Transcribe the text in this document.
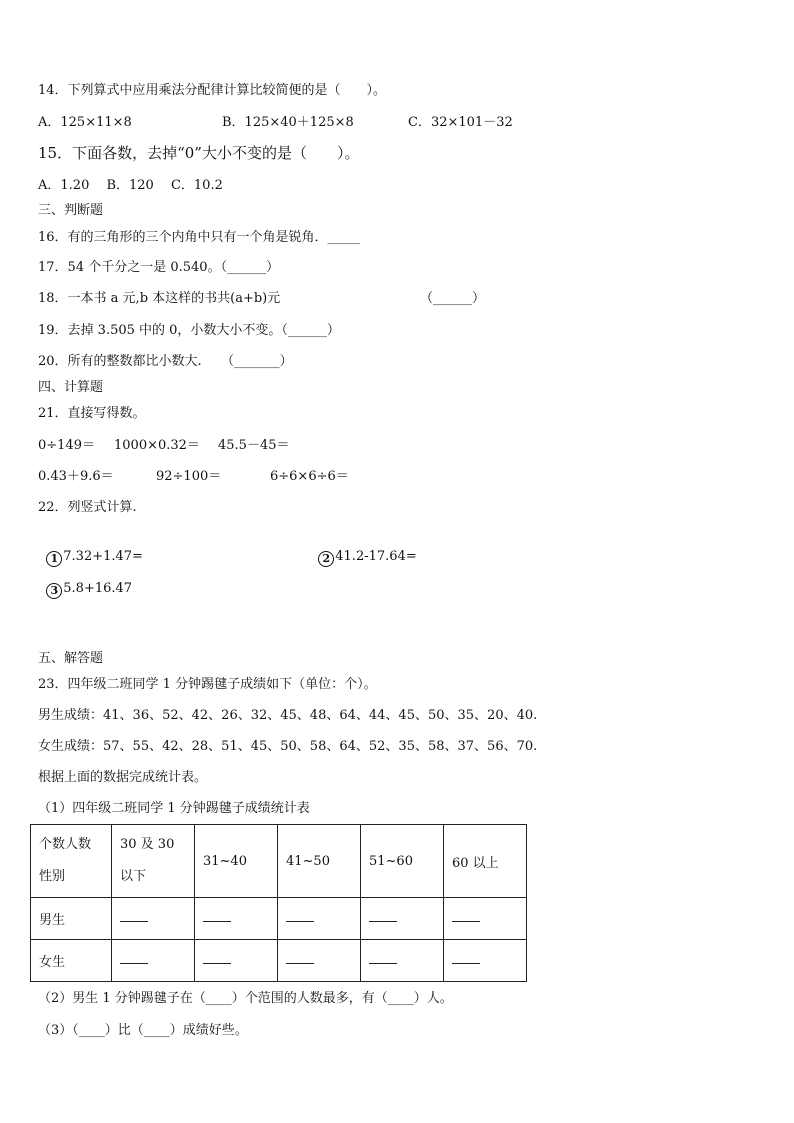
14．下列算式中应用乘法分配律计算比较简便的是（　　）。
A．125×11×8	B．125×40＋125×8	C．32×101－32
15．下面各数，去掉“0”大小不变的是（　　）。
A．1.20　 B．120　 C．10.2
三、判断题
16．有的三角形的三个内角中只有一个角是锐角．_____
17．54 个千分之一是 0.540。（______）
18．一本书 a 元,b 本这样的书共(a+b)元	（______）
19．去掉 3.505 中的 0，小数大小不变。（______）
20．所有的整数都比小数大.　　（_______）
四、计算题
21．直接写得数。
0÷149＝ 1000×0.32＝ 45.5－45＝
0.43＋9.6＝	92÷100＝	6÷6×6÷6＝
22．列竖式计算.

1 7.32+1.47=	2 41.2-17.64=

3 5.8+16.47

五、解答题
23．四年级二班同学 1 分钟踢毽子成绩如下（单位：个）。
男生成绩：41、36、52、42、26、32、45、48、64、44、45、50、35、20、40.
女生成绩：57、55、42、28、51、45、50、58、64、52、35、58、37、56、70.
根据上面的数据完成统计表。
（1）四年级二班同学 1 分钟踢毽子成绩统计表
个数人数
性别	30 及 30 以下	31~40	41~50	51~60	60 以上
男生					
女生					
（2）男生 1 分钟踢毽子在（____）个范围的人数最多，有（____）人。
（3）（____）比（____）成绩好些。
